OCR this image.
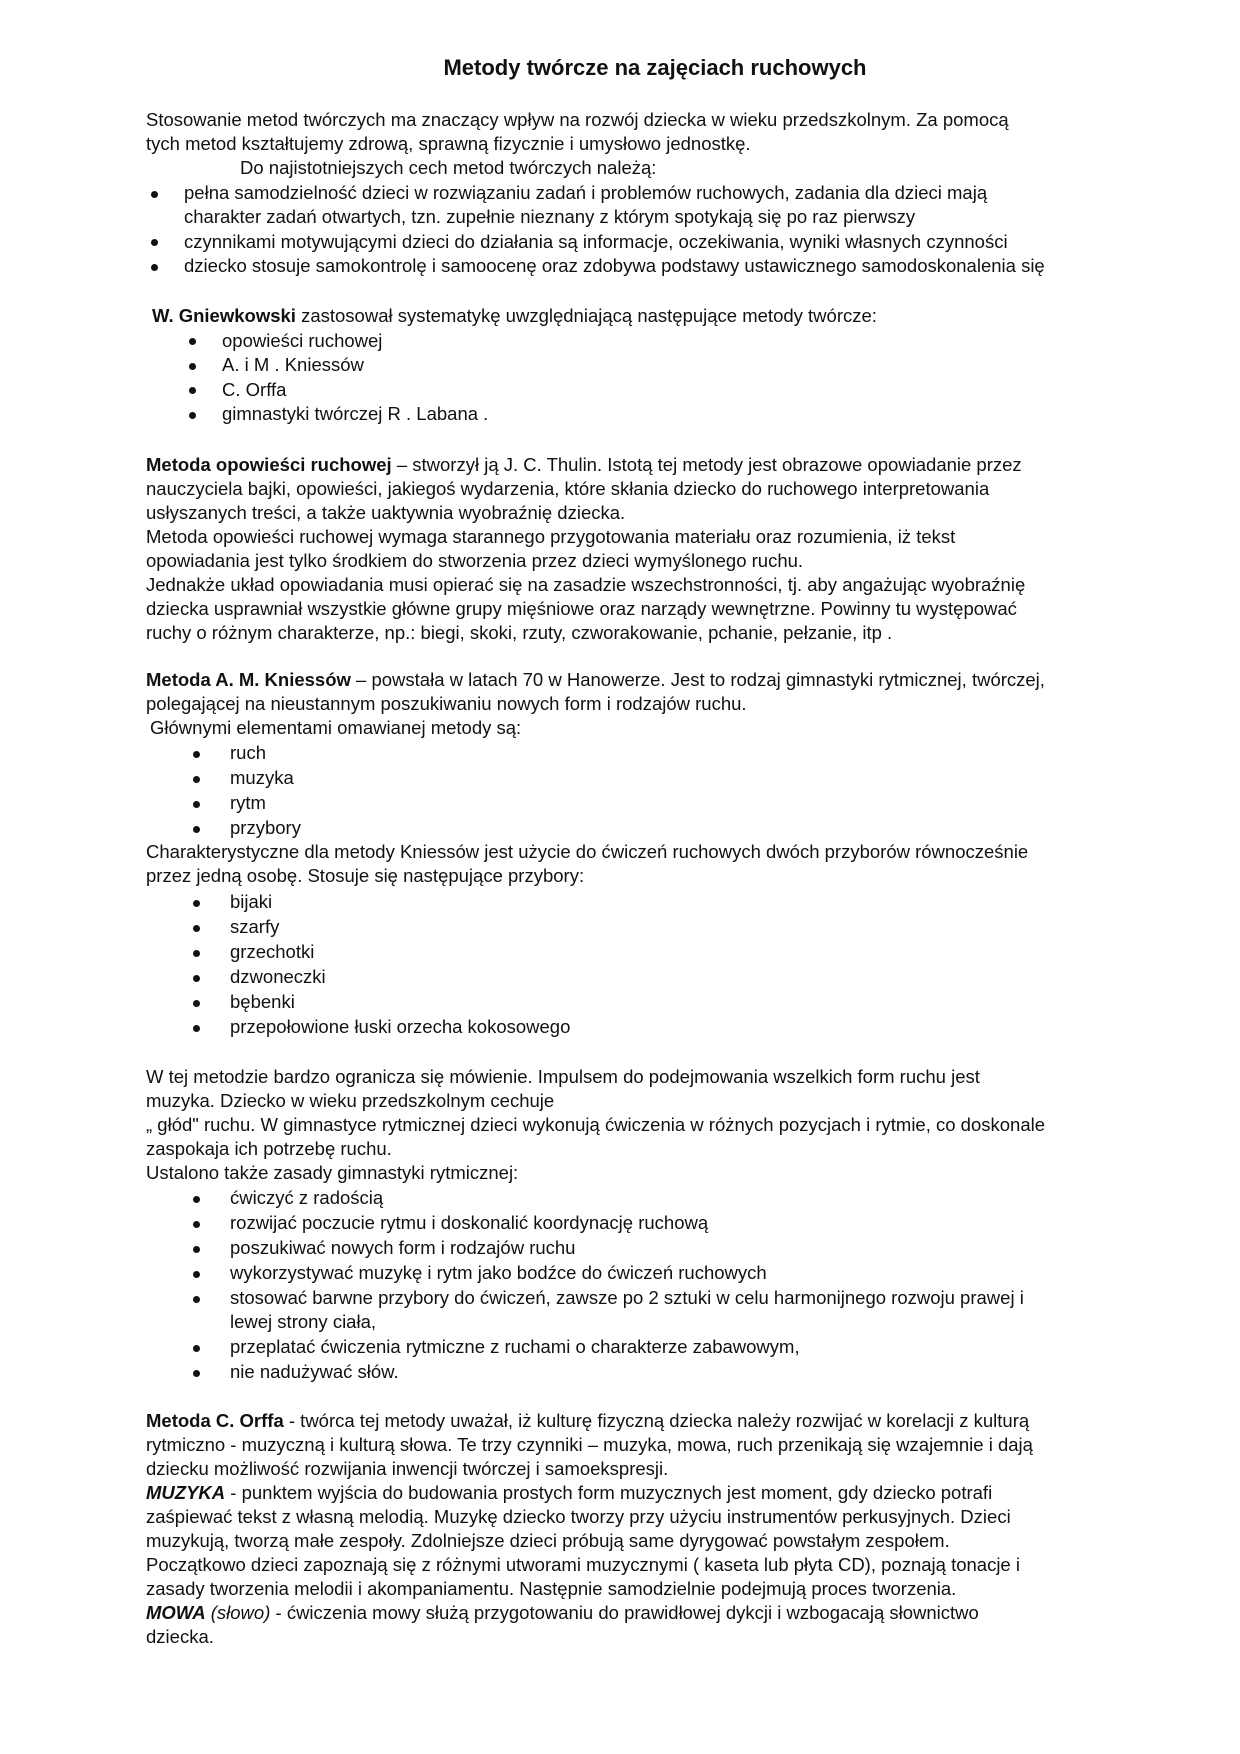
Metody twórcze na zajęciach ruchowych
Stosowanie metod twórczych ma znaczący wpływ na rozwój dziecka w wieku przedszkolnym. Za pomocą
tych metod kształtujemy zdrową, sprawną fizycznie i umysłowo jednostkę.
Do najistotniejszych cech metod twórczych należą:
pełna samodzielność dzieci w rozwiązaniu zadań i problemów ruchowych, zadania dla dzieci mają
charakter zadań otwartych, tzn. zupełnie nieznany z którym spotykają się po raz pierwszy
czynnikami motywującymi dzieci do działania są informacje, oczekiwania, wyniki własnych czynności
dziecko stosuje samokontrolę i samoocenę oraz zdobywa podstawy ustawicznego samodoskonalenia się
W. Gniewkowski zastosował systematykę uwzględniającą następujące metody twórcze:
opowieści ruchowej
A. i M . Kniessów
C. Orffa
gimnastyki twórczej R . Labana .
Metoda opowieści ruchowej – stworzył ją J. C. Thulin. Istotą tej metody jest obrazowe opowiadanie przez
nauczyciela bajki, opowieści, jakiegoś wydarzenia, które skłania dziecko do ruchowego interpretowania
usłyszanych treści, a także uaktywnia wyobraźnię dziecka.
Metoda opowieści ruchowej wymaga starannego przygotowania materiału oraz rozumienia, iż tekst
opowiadania jest tylko środkiem do stworzenia przez dzieci wymyślonego ruchu.
Jednakże układ opowiadania musi opierać się na zasadzie wszechstronności, tj. aby angażując wyobraźnię
dziecka usprawniał wszystkie główne grupy mięśniowe oraz narządy wewnętrzne. Powinny tu występować
ruchy o różnym charakterze, np.: biegi, skoki, rzuty, czworakowanie, pchanie, pełzanie, itp .
Metoda A. M. Kniessów – powstała w latach 70 w Hanowerze. Jest to rodzaj gimnastyki rytmicznej, twórczej,
polegającej na nieustannym poszukiwaniu nowych form i rodzajów ruchu.
Głównymi elementami omawianej metody są:
ruch
muzyka
rytm
przybory
Charakterystyczne dla metody Kniessów jest użycie do ćwiczeń ruchowych dwóch przyborów równocześnie
przez jedną osobę. Stosuje się następujące przybory:
bijaki
szarfy
grzechotki
dzwoneczki
bębenki
przepołowione łuski orzecha kokosowego
W tej metodzie bardzo ogranicza się mówienie. Impulsem do podejmowania wszelkich form ruchu jest
muzyka. Dziecko w wieku przedszkolnym cechuje
„ głód" ruchu. W gimnastyce rytmicznej dzieci wykonują ćwiczenia w różnych pozycjach i rytmie, co doskonale
zaspokaja ich potrzebę ruchu.
Ustalono także zasady gimnastyki rytmicznej:
ćwiczyć z radością
rozwijać poczucie rytmu i doskonalić koordynację ruchową
poszukiwać nowych form i rodzajów ruchu
wykorzystywać muzykę i rytm jako bodźce do ćwiczeń ruchowych
stosować barwne przybory do ćwiczeń, zawsze po 2 sztuki w celu harmonijnego rozwoju prawej i
lewej strony ciała,
przeplatać ćwiczenia rytmiczne z ruchami o charakterze zabawowym,
nie nadużywać słów.
Metoda C. Orffa - twórca tej metody uważał, iż kulturę fizyczną dziecka należy rozwijać w korelacji z kulturą
rytmiczno - muzyczną i kulturą słowa. Te trzy czynniki – muzyka, mowa, ruch przenikają się wzajemnie i dają
dziecku możliwość rozwijania inwencji twórczej i samoekspresji.
MUZYKA - punktem wyjścia do budowania prostych form muzycznych jest moment, gdy dziecko potrafi
zaśpiewać tekst z własną melodią. Muzykę dziecko tworzy przy użyciu instrumentów perkusyjnych. Dzieci
muzykują, tworzą małe zespoły. Zdolniejsze dzieci próbują same dyrygować powstałym zespołem.
Początkowo dzieci zapoznają się z różnymi utworami muzycznymi ( kaseta lub płyta CD), poznają tonacje i
zasady tworzenia melodii i akompaniamentu. Następnie samodzielnie podejmują proces tworzenia.
MOWA (słowo) - ćwiczenia mowy służą przygotowaniu do prawidłowej dykcji i wzbogacają słownictwo
dziecka.
